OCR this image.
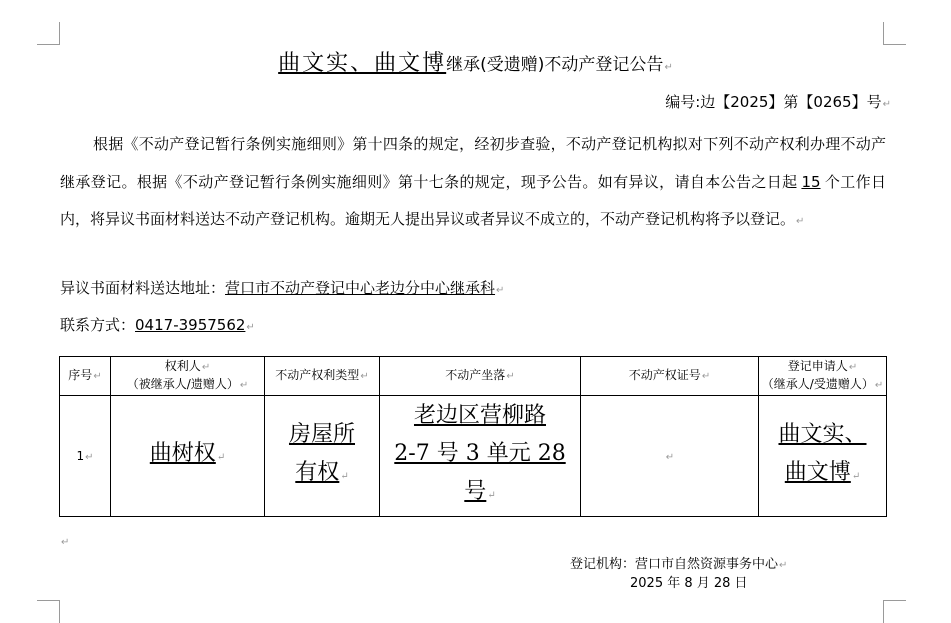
曲文实、曲文博继承(受遗赠)不动产登记公告↵
编号:边【2025】第【0265】号↵

根据《不动产登记暂行条例实施细则》第十四条的规定，经初步查验，不动产登记机构拟对下列不动产权利办理不动产继承登记。根据《不动产登记暂行条例实施细则》第十七条的规定，现予公告。如有异议，请自本公告之日起 15 个工作日内，将异议书面材料送达不动产登记机构。逾期无人提出异议或者异议不成立的，不动产登记机构将予以登记。↵

异议书面材料送达地址：营口市不动产登记中心老边分中心继承科↵
联系方式：0417-3957562↵
序号↵	权利人↵
（被继承人/遗赠人）↵	不动产权利类型↵	不动产坐落↵	不动产权证号↵	登记申请人↵
（继承人/受遗赠人）↵
1↵	曲树权↵	房屋所
有权↵	老边区营柳路
2-7 号 3 单元 28
号↵	↵	曲文实、
曲文博↵
↵
登记机构：营口市自然资源事务中心↵
2025 年 8 月 28 日
